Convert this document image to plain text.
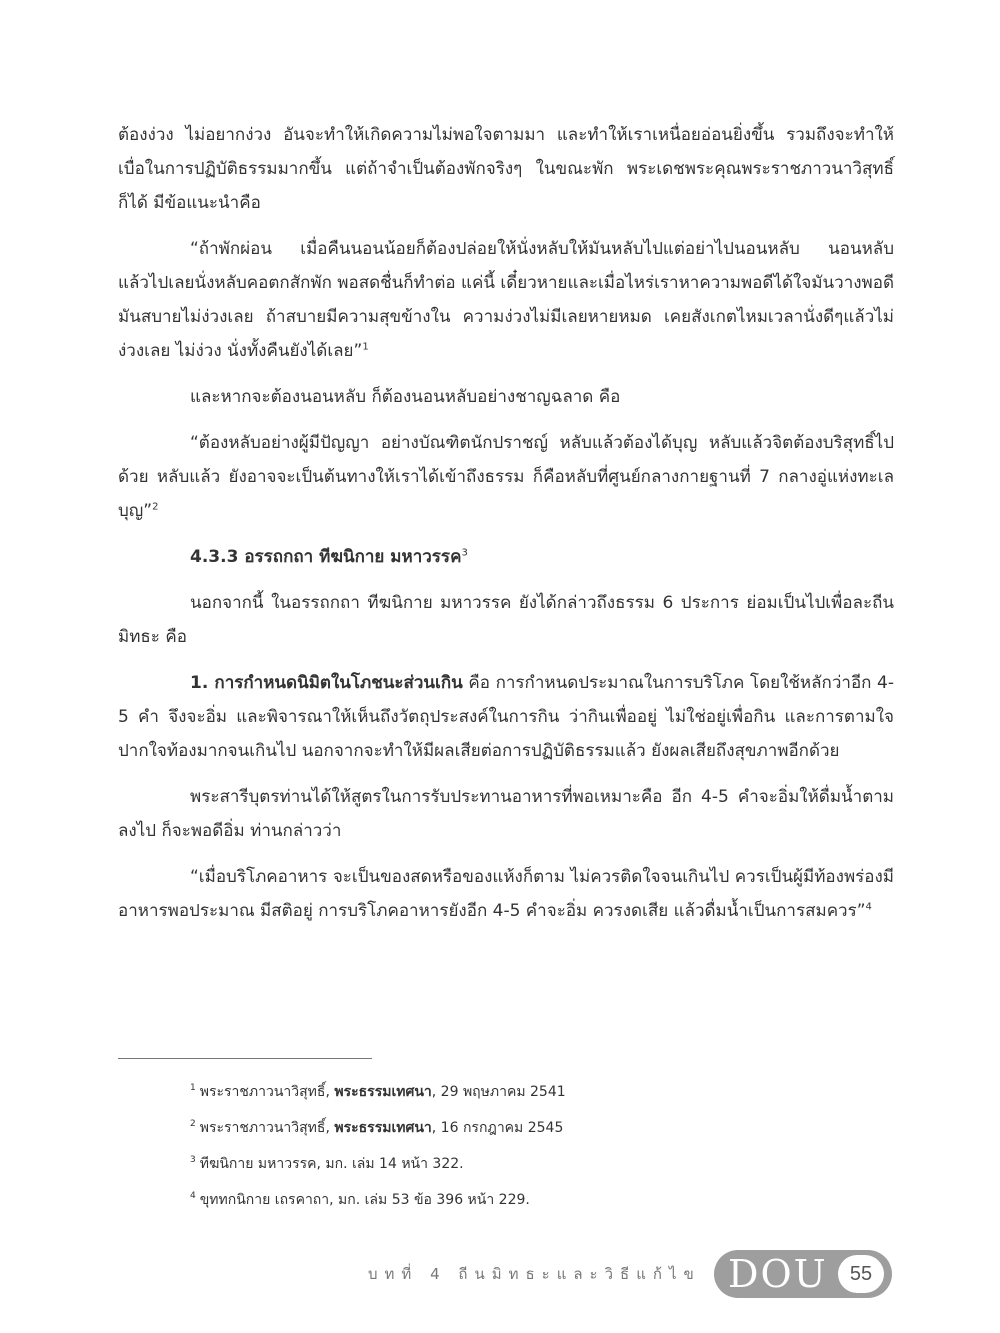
ต้องง่วง ไม่อยากง่วง อันจะทำให้เกิดความไม่พอใจตามมา และทำให้เราเหนื่อยอ่อนยิ่งขึ้น รวมถึงจะทำให้เบื่อในการปฏิบัติธรรมมากขึ้น แต่ถ้าจำเป็นต้องพักจริงๆ ในขณะพัก พระเดชพระคุณพระราชภาวนาวิสุทธิ์ก็ได้ มีข้อแนะนำคือ

“ถ้าพักผ่อน เมื่อคืนนอนน้อยก็ต้องปล่อยให้นั่งหลับให้มันหลับไปแต่อย่าไปนอนหลับ นอนหลับแล้วไปเลยนั่งหลับคอตกสักพัก พอสดชื่นก็ทำต่อ แค่นี้ เดี๋ยวหายและเมื่อไหร่เราหาความพอดีได้ใจมันวางพอดี มันสบายไม่ง่วงเลย ถ้าสบายมีความสุขข้างใน ความง่วงไม่มีเลยหายหมด เคยสังเกตไหมเวลานั่งดีๆแล้วไม่ง่วงเลย ไม่ง่วง นั่งทั้งคืนยังได้เลย”$^1$

และหากจะต้องนอนหลับ ก็ต้องนอนหลับอย่างชาญฉลาด คือ

“ต้องหลับอย่างผู้มีปัญญา อย่างบัณฑิตนักปราชญ์ หลับแล้วต้องได้บุญ หลับแล้วจิตต้องบริสุทธิ์ไปด้วย หลับแล้ว ยังอาจจะเป็นต้นทางให้เราได้เข้าถึงธรรม ก็คือหลับที่ศูนย์กลางกายฐานที่ 7 กลางอู่แห่งทะเลบุญ”$^2$

4.3.3 อรรถกถา ทีฆนิกาย มหาวรรค$^3$

นอกจากนี้ ในอรรถกถา ทีฆนิกาย มหาวรรค ยังได้กล่าวถึงธรรม 6 ประการ ย่อมเป็นไปเพื่อละถีนมิทธะ คือ

1. การกำหนดนิมิตในโภชนะส่วนเกิน คือ การกำหนดประมาณในการบริโภค โดยใช้หลักว่าอีก 4-5 คำ จึงจะอิ่ม และพิจารณาให้เห็นถึงวัตถุประสงค์ในการกิน ว่ากินเพื่ออยู่ ไม่ใช่อยู่เพื่อกิน และการตามใจปากใจท้องมากจนเกินไป นอกจากจะทำให้มีผลเสียต่อการปฏิบัติธรรมแล้ว ยังผลเสียถึงสุขภาพอีกด้วย

พระสารีบุตรท่านได้ให้สูตรในการรับประทานอาหารที่พอเหมาะคือ อีก 4-5 คำจะอิ่มให้ดื่มน้ำตามลงไป ก็จะพอดีอิ่ม ท่านกล่าวว่า

“เมื่อบริโภคอาหาร จะเป็นของสดหรือของแห้งก็ตาม ไม่ควรติดใจจนเกินไป ควรเป็นผู้มีท้องพร่องมีอาหารพอประมาณ มีสติอยู่ การบริโภคอาหารยังอีก 4-5 คำจะอิ่ม ควรงดเสีย แล้วดื่มน้ำเป็นการสมควร”$^4$

$^1$ พระราชภาวนาวิสุทธิ์, พระธรรมเทศนา, 29 พฤษภาคม 2541
$^2$ พระราชภาวนาวิสุทธิ์, พระธรรมเทศนา, 16 กรกฎาคม 2545
$^3$ ทีฆนิกาย มหาวรรค, มก. เล่ม 14 หน้า 322.
$^4$ ขุททกนิกาย เถรคาถา, มก. เล่ม 53 ข้อ 396 หน้า 229.
บทที่ 4 ถีนมิทธะและวิธีแก้ไข DOU	55
